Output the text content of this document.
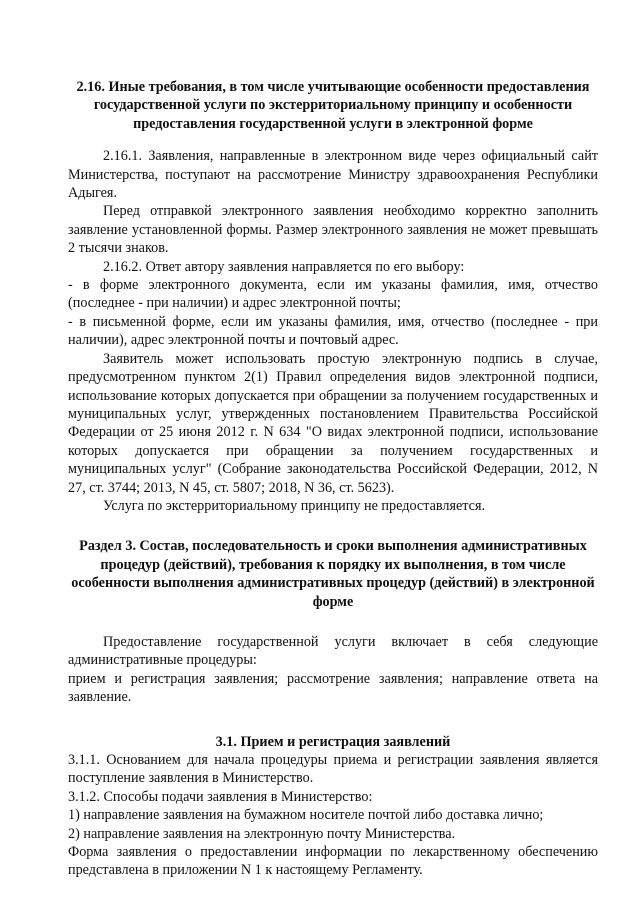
2.16. Иные требования, в том числе учитывающие особенности предоставления государственной услуги по экстерриториальному принципу и особенности предоставления государственной услуги в электронной форме

2.16.1. Заявления, направленные в электронном виде через официальный сайт Министерства, поступают на рассмотрение Министру здравоохранения Республики Адыгея.

Перед отправкой электронного заявления необходимо корректно заполнить заявление установленной формы. Размер электронного заявления не может превышать 2 тысячи знаков.

2.16.2. Ответ автору заявления направляется по его выбору:

- в форме электронного документа, если им указаны фамилия, имя, отчество (последнее - при наличии) и адрес электронной почты;

- в письменной форме, если им указаны фамилия, имя, отчество (последнее - при наличии), адрес электронной почты и почтовый адрес.

Заявитель может использовать простую электронную подпись в случае, предусмотренном пунктом 2(1) Правил определения видов электронной подписи, использование которых допускается при обращении за получением государственных и муниципальных услуг, утвержденных постановлением Правительства Российской Федерации от 25 июня 2012 г. N 634 "О видах электронной подписи, использование которых допускается при обращении за получением государственных и муниципальных услуг" (Собрание законодательства Российской Федерации, 2012, N 27, ст. 3744; 2013, N 45, ст. 5807; 2018, N 36, ст. 5623).

Услуга по экстерриториальному принципу не предоставляется.

Раздел 3. Состав, последовательность и сроки выполнения административных процедур (действий), требования к порядку их выполнения, в том числе особенности выполнения административных процедур (действий) в электронной форме

Предоставление государственной услуги включает в себя следующие административные процедуры:

прием и регистрация заявления; рассмотрение заявления; направление ответа на заявление.

3.1. Прием и регистрация заявлений

3.1.1. Основанием для начала процедуры приема и регистрации заявления является поступление заявления в Министерство.

3.1.2. Способы подачи заявления в Министерство:

1) направление заявления на бумажном носителе почтой либо доставка лично;

2) направление заявления на электронную почту Министерства.

Форма заявления о предоставлении информации по лекарственному обеспечению представлена в приложении N 1 к настоящему Регламенту.
